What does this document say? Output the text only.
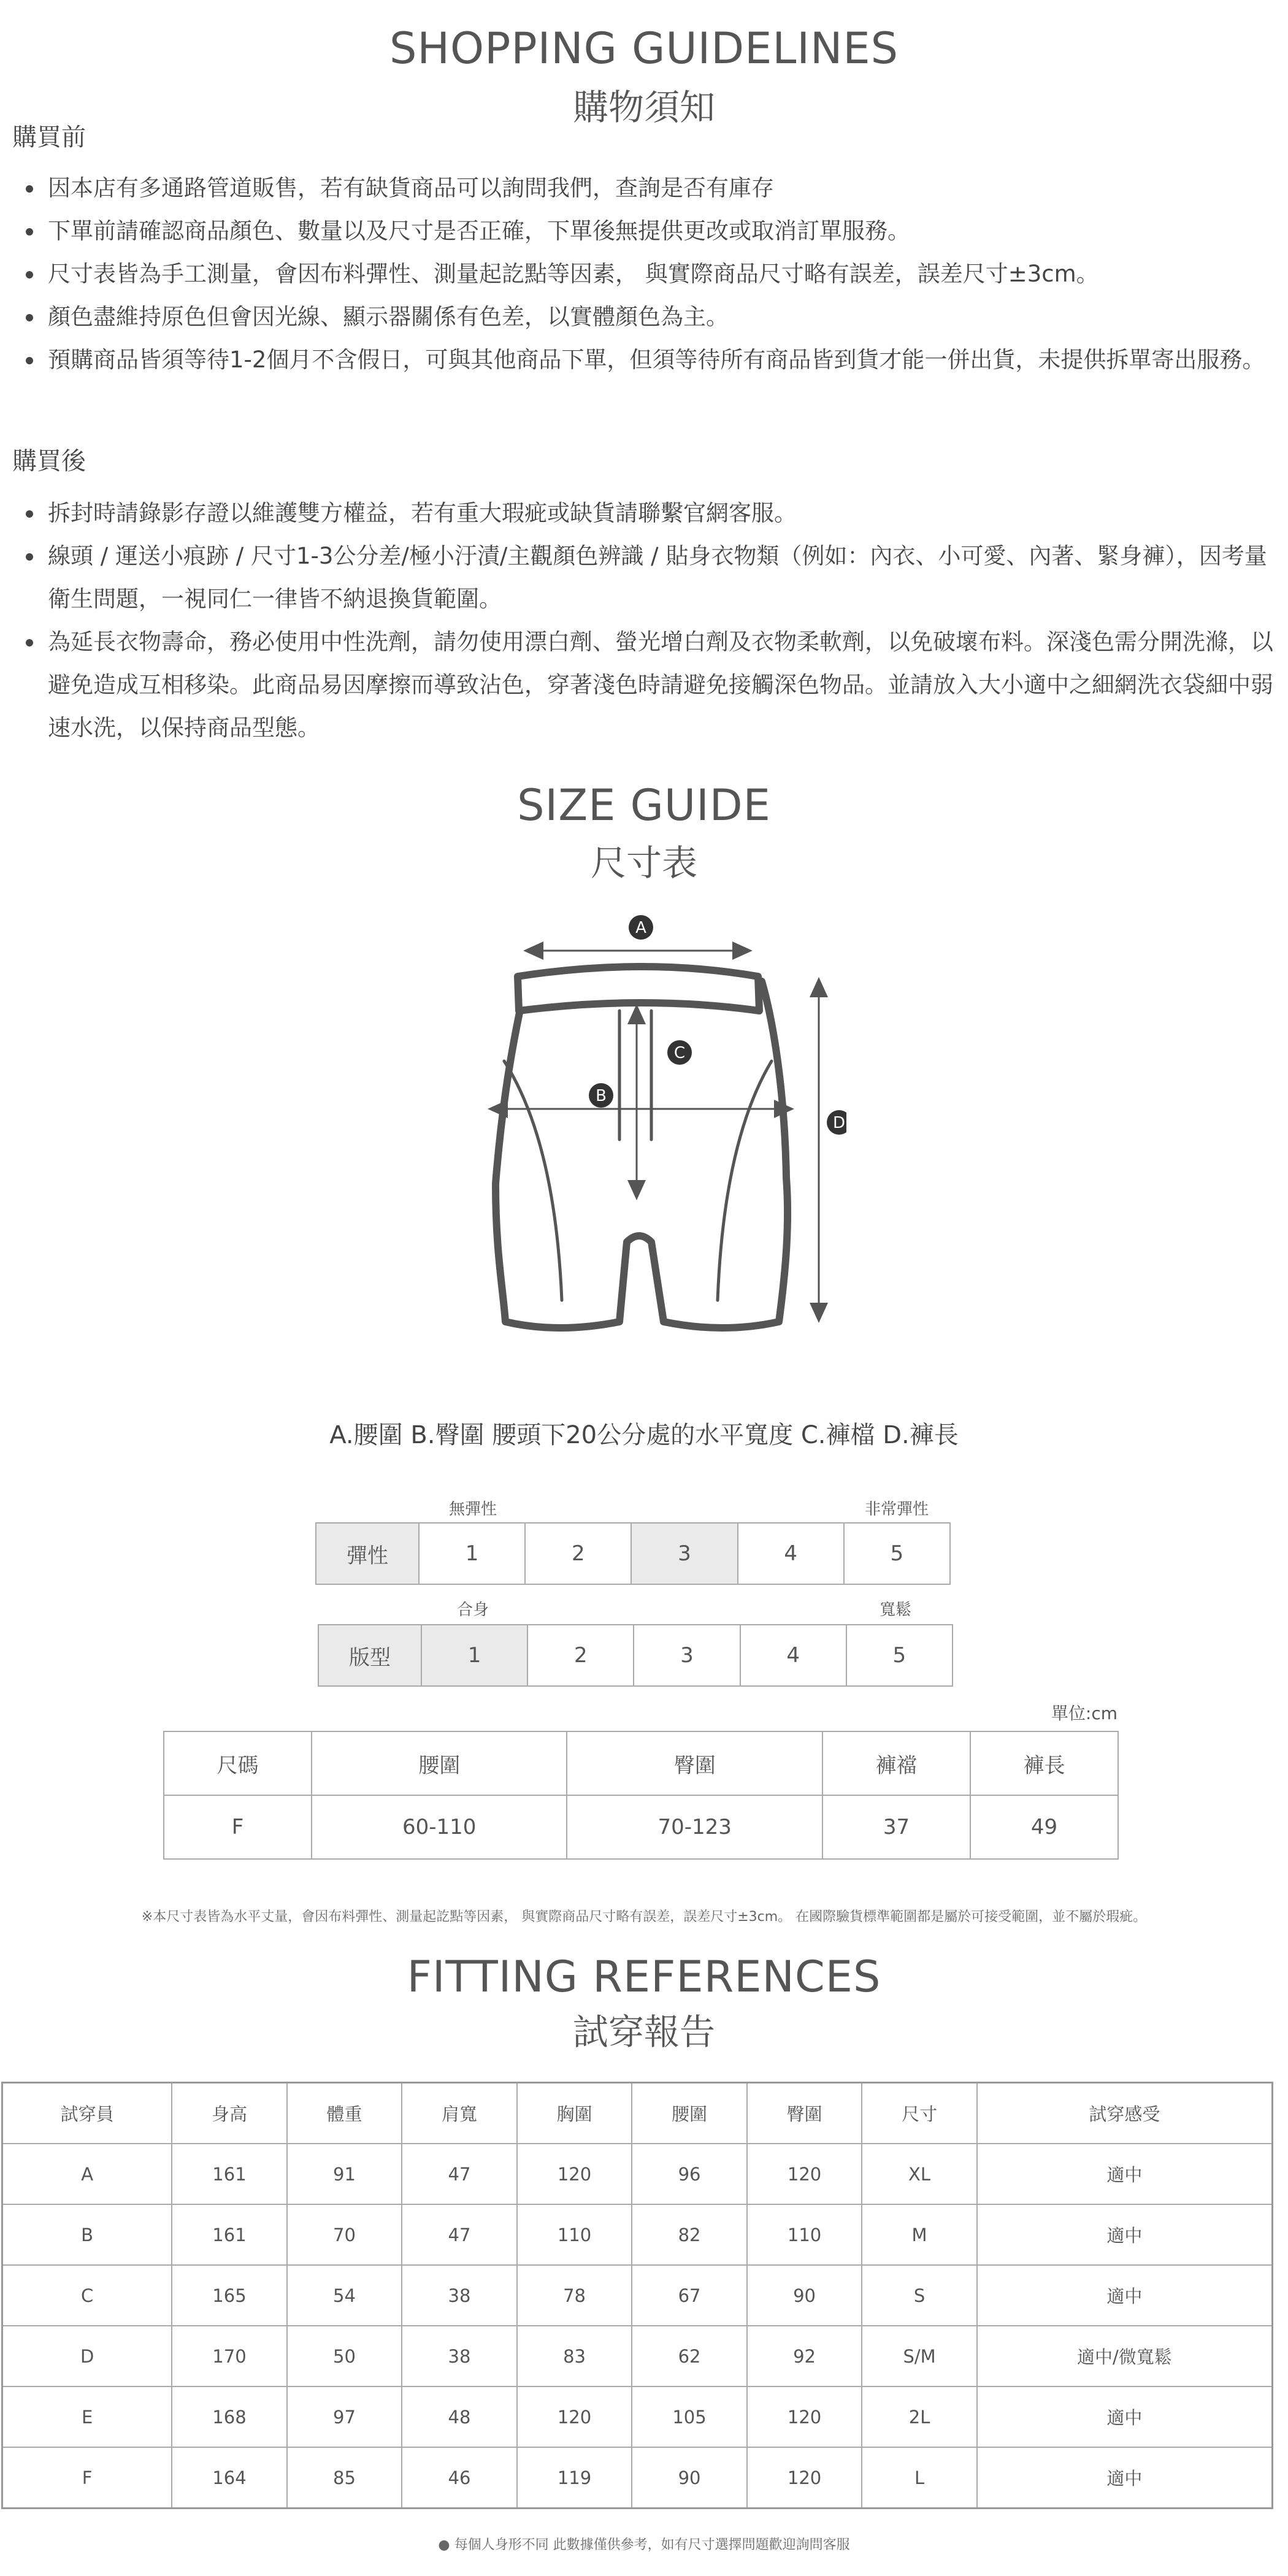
SHOPPING GUIDELINES
購物須知
購買前
因本店有多通路管道販售，若有缺貨商品可以詢問我們，查詢是否有庫存
下單前請確認商品顏色、數量以及尺寸是否正確，下單後無提供更改或取消訂單服務。
尺寸表皆為手工測量，會因布料彈性、測量起訖點等因素， 與實際商品尺寸略有誤差，誤差尺寸±3cm。
顏色盡維持原色但會因光線、顯示器關係有色差，以實體顏色為主。
預購商品皆須等待1-2個月不含假日，可與其他商品下單，但須等待所有商品皆到貨才能一併出貨，未提供拆單寄出服務。
購買後
拆封時請錄影存證以維護雙方權益，若有重大瑕疵或缺貨請聯繫官網客服。
線頭 / 運送小痕跡 / 尺寸1-3公分差/極小汙漬/主觀顏色辨識 / 貼身衣物類（例如：內衣、小可愛、內著、緊身褲），因考量衛生問題，一視同仁一律皆不納退換貨範圍。
為延長衣物壽命，務必使用中性洗劑，請勿使用漂白劑、螢光增白劑及衣物柔軟劑，以免破壞布料。深淺色需分開洗滌，以避免造成互相移染。此商品易因摩擦而導致沾色，穿著淺色時請避免接觸深色物品。並請放入大小適中之細網洗衣袋細中弱速水洗，以保持商品型態。
SIZE GUIDE
尺寸表
A
B
C
D
A.腰圍 B.臀圍 腰頭下20公分處的水平寬度 C.褲檔 D.褲長
無彈性	非常彈性
彈性	1	2	3	4	5
合身	寬鬆
版型	1	2	3	4	5
單位:cm
尺碼	腰圍	臀圍	褲襠	褲長
F	60-110	70-123	37	49
※本尺寸表皆為水平丈量，會因布料彈性、測量起訖點等因素， 與實際商品尺寸略有誤差，誤差尺寸±3cm。 在國際驗貨標準範圍都是屬於可接受範圍，並不屬於瑕疵。
FITTING REFERENCES
試穿報告
試穿員	身高	體重	肩寬	胸圍	腰圍	臀圍	尺寸	試穿感受
A	161	91	47	120	96	120	XL	適中
B	161	70	47	110	82	110	M	適中
C	165	54	38	78	67	90	S	適中
D	170	50	38	83	62	92	S/M	適中/微寬鬆
E	168	97	48	120	105	120	2L	適中
F	164	85	46	119	90	120	L	適中
● 每個人身形不同 此數據僅供參考，如有尺寸選擇問題歡迎詢問客服
